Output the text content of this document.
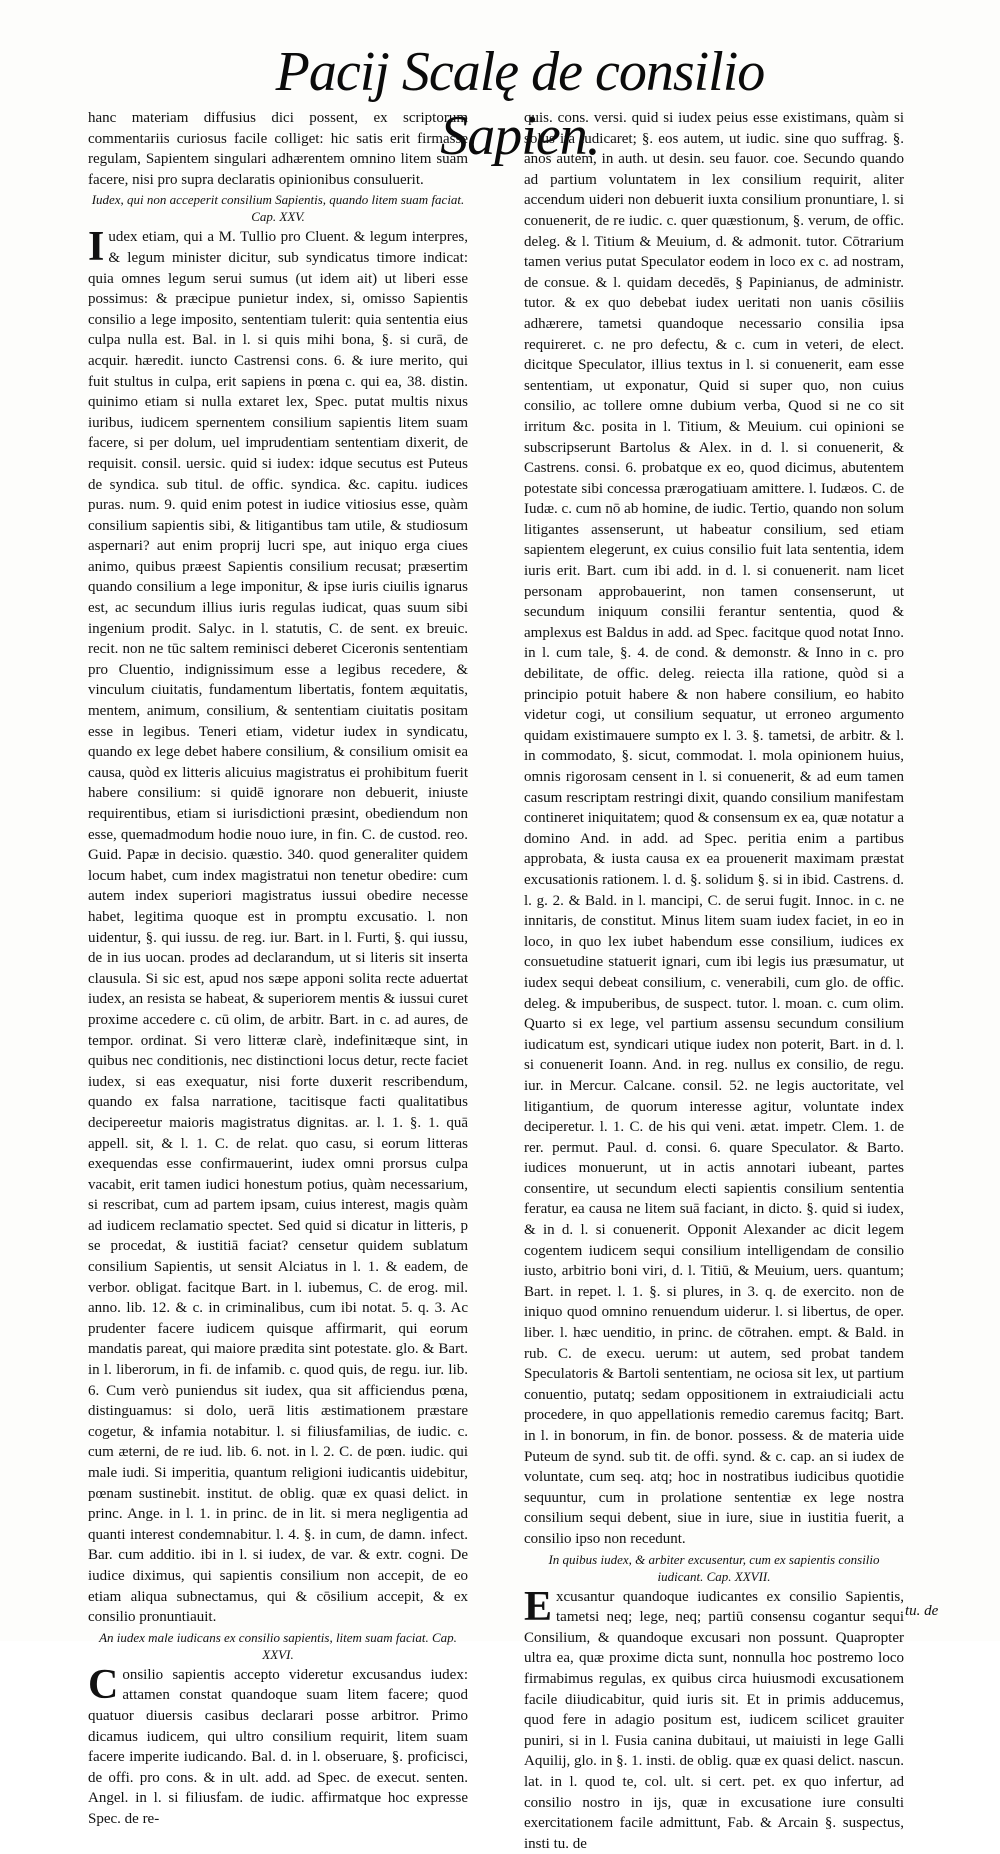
Pacij Scalę de consilio Sapien.

hanc materiam diffusius dici possent, ex scriptorum commentariis curiosus facile colliget: hic satis erit firmasse regulam, Sapientem singulari adhærentem omnino litem suam facere, nisi pro supra declaratis opinionibus consuluerit.

Iudex, qui non acceperit consilium Sapientis, quando litem suam faciat. Cap. XXV.

Iudex etiam, qui a M. Tullio pro Cluent. & legum interpres, & legum minister dicitur, sub syndicatus timore indicat: quia omnes legum serui sumus (ut idem ait) ut liberi esse possimus: & præcipue punietur index, si, omisso Sapientis consilio a lege imposito, sententiam tulerit: quia sententia eius culpa nulla est. Bal. in l. si quis mihi bona, §. si curā, de acquir. hæredit. iuncto Castrensi cons. 6. & iure merito, qui fuit stultus in culpa, erit sapiens in pœna c. qui ea, 38. distin. quinimo etiam si nulla extaret lex, Spec. putat multis nixus iuribus, iudicem spernentem consilium sapientis litem suam facere, si per dolum, uel imprudentiam sententiam dixerit, de requisit. consil. uersic. quid si iudex: idque secutus est Puteus de syndica. sub titul. de offic. syndica. &c. capitu. iudices puras. num. 9. quid enim potest in iudice vitiosius esse, quàm consilium sapientis sibi, & litigantibus tam utile, & studiosum aspernari? aut enim proprij lucri spe, aut iniquo erga ciues animo, quibus præest Sapientis consilium recusat; præsertim quando consilium a lege imponitur, & ipse iuris ciuilis ignarus est, ac secundum illius iuris regulas iudicat, quas suum sibi ingenium prodit. Salyc. in l. statutis, C. de sent. ex breuic. recit. non ne tūc saltem reminisci deberet Ciceronis sententiam pro Cluentio, indignissimum esse a legibus recedere, & vinculum ciuitatis, fundamentum libertatis, fontem æquitatis, mentem, animum, consilium, & sententiam ciuitatis positam esse in legibus. Teneri etiam, videtur iudex in syndicatu, quando ex lege debet habere consilium, & consilium omisit ea causa, quòd ex litteris alicuius magistratus ei prohibitum fuerit habere consilium: si quidē ignorare non debuerit, iniuste requirentibus, etiam si iurisdictioni præsint, obediendum non esse, quemadmodum hodie nouo iure, in fin. C. de custod. reo. Guid. Papæ in decisio. quæstio. 340. quod generaliter quidem locum habet, cum index magistratui non tenetur obedire: cum autem index superiori magistratus iussui obedire necesse habet, legitima quoque est in promptu excusatio. l. non uidentur, §. qui iussu. de reg. iur. Bart. in l. Furti, §. qui iussu, de in ius uocan. prodes ad declarandum, ut si literis sit inserta clausula. Si sic est, apud nos sæpe apponi solita recte aduertat iudex, an resista se habeat, & superiorem mentis & iussui curet proxime accedere c. cū olim, de arbitr. Bart. in c. ad aures, de tempor. ordinat. Si vero litteræ clarè, indefinitæque sint, in quibus nec conditionis, nec distinctioni locus detur, recte faciet iudex, si eas exequatur, nisi forte duxerit rescribendum, quando ex falsa narratione, tacitisque facti qualitatibus decipereetur maioris magistratus dignitas. ar. l. 1. §. 1. quā appell. sit, & l. 1. C. de relat. quo casu, si eorum litteras exequendas esse confirmauerint, iudex omni prorsus culpa vacabit, erit tamen iudici honestum potius, quàm necessarium, si rescribat, cum ad partem ipsam, cuius interest, magis quàm ad iudicem reclamatio spectet. Sed quid si dicatur in litteris, p se procedat, & iustitiā faciat? censetur quidem sublatum consilium Sapientis, ut sensit Alciatus in l. 1. & eadem, de verbor. obligat. facitque Bart. in l. iubemus, C. de erog. mil. anno. lib. 12. & c. in criminalibus, cum ibi notat. 5. q. 3. Ac prudenter facere iudicem quisque affirmarit, qui eorum mandatis pareat, qui maiore prædita sint potestate. glo. & Bart. in l. liberorum, in fi. de infamib. c. quod quis, de regu. iur. lib. 6. Cum verò puniendus sit iudex, qua sit afficiendus pœna, distinguamus: si dolo, uerā litis æstimationem præstare cogetur, & infamia notabitur. l. si filiusfamilias, de iudic. c. cum æterni, de re iud. lib. 6. not. in l. 2. C. de pœn. iudic. qui male iudi. Si imperitia, quantum religioni iudicantis uidebitur, pœnam sustinebit. institut. de oblig. quæ ex quasi delict. in princ. Ange. in l. 1. in princ. de in lit. si mera negligentia ad quanti interest condemnabitur. l. 4. §. in cum, de damn. infect. Bar. cum additio. ibi in l. si iudex, de var. & extr. cogni. De iudice diximus, qui sapientis consilium non accepit, de eo etiam aliqua subnectamus, qui & cōsilium accepit, & ex consilio pronuntiauit.

An iudex male iudicans ex consilio sapientis, litem suam faciat. Cap. XXVI.

Consilio sapientis accepto videretur excusandus iudex: attamen constat quandoque suam litem facere; quod quatuor diuersis casibus declarari posse arbitror. Primo dicamus iudicem, qui ultro consilium requirit, litem suam facere imperite iudicando. Bal. d. in l. obseruare, §. proficisci, de offi. pro cons. & in ult. add. ad Spec. de execut. senten. Angel. in l. si filiusfam. de iudic. affirmatque hoc expresse Spec. de re-

quis. cons. versi. quid si iudex peius esse existimans, quàm si solus ita iudicaret; §. eos autem, ut iudic. sine quo suffrag. §. anos autem, in auth. ut desin. seu fauor. coe. Secundo quando ad partium voluntatem in lex consilium requirit, aliter accendum uideri non debuerit iuxta consilium pronuntiare, l. si conuenerit, de re iudic. c. quer quæstionum, §. verum, de offic. deleg. & l. Titium & Meuium, d. & admonit. tutor. Cōtrarium tamen verius putat Speculator eodem in loco ex c. ad nostram, de consue. & l. quidam decedēs, § Papinianus, de administr. tutor. & ex quo debebat iudex ueritati non uanis cōsiliis adhærere, tametsi quandoque necessario consilia ipsa requireret. c. ne pro defectu, & c. cum in veteri, de elect. dicitque Speculator, illius textus in l. si conuenerit, eam esse sententiam, ut exponatur, Quid si super quo, non cuius consilio, ac tollere omne dubium verba, Quod si ne co sit irritum &c. posita in l. Titium, & Meuium. cui opinioni se subscripserunt Bartolus & Alex. in d. l. si conuenerit, & Castrens. consi. 6. probatque ex eo, quod dicimus, abutentem potestate sibi concessa prærogatiuam amittere. l. Iudæos. C. de Iudæ. c. cum nō ab homine, de iudic. Tertio, quando non solum litigantes assenserunt, ut habeatur consilium, sed etiam sapientem elegerunt, ex cuius consilio fuit lata sententia, idem iuris erit. Bart. cum ibi add. in d. l. si conuenerit. nam licet personam approbauerint, non tamen consenserunt, ut secundum iniquum consilii ferantur sententia, quod & amplexus est Baldus in add. ad Spec. facitque quod notat Inno. in l. cum tale, §. 4. de cond. & demonstr. & Inno in c. pro debilitate, de offic. deleg. reiecta illa ratione, quòd si a principio potuit habere & non habere consilium, eo habito videtur cogi, ut consilium sequatur, ut erroneo argumento quidam existimauere sumpto ex l. 3. §. tametsi, de arbitr. & l. in commodato, §. sicut, commodat. l. mola opinionem huius, omnis rigorosam censent in l. si conuenerit, & ad eum tamen casum rescriptam restringi dixit, quando consilium manifestam contineret iniquitatem; quod & consensum ex ea, quæ notatur a domino And. in add. ad Spec. peritia enim a partibus approbata, & iusta causa ex ea prouenerit maximam præstat excusationis rationem. l. d. §. solidum §. si in ibid. Castrens. d. l. g. 2. & Bald. in l. mancipi, C. de serui fugit. Innoc. in c. ne innitaris, de constitut. Minus litem suam iudex faciet, in eo in loco, in quo lex iubet habendum esse consilium, iudices ex consuetudine statuerit ignari, cum ibi legis ius præsumatur, ut iudex sequi debeat consilium, c. venerabili, cum glo. de offic. deleg. & impuberibus, de suspect. tutor. l. moan. c. cum olim. Quarto si ex lege, vel partium assensu secundum consilium iudicatum est, syndicari utique iudex non poterit, Bart. in d. l. si conuenerit Ioann. And. in reg. nullus ex consilio, de regu. iur. in Mercur. Calcane. consil. 52. ne legis auctoritate, vel litigantium, de quorum interesse agitur, voluntate index deciperetur. l. 1. C. de his qui veni. ætat. impetr. Clem. 1. de rer. permut. Paul. d. consi. 6. quare Speculator. & Barto. iudices monuerunt, ut in actis annotari iubeant, partes consentire, ut secundum electi sapientis consilium sententia feratur, ea causa ne litem suā faciant, in dicto. §. quid si iudex, & in d. l. si conuenerit. Opponit Alexander ac dicit legem cogentem iudicem sequi consilium intelligendam de consilio iusto, arbitrio boni viri, d. l. Titiū, & Meuium, uers. quantum; Bart. in repet. l. 1. §. si plures, in 3. q. de exercito. non de iniquo quod omnino renuendum uiderur. l. si libertus, de oper. liber. l. hæc uenditio, in princ. de cōtrahen. empt. & Bald. in rub. C. de execu. uerum: ut autem, sed probat tandem Speculatoris & Bartoli sententiam, ne ociosa sit lex, ut partium conuentio, putatq; sedam oppositionem in extraiudiciali actu procedere, in quo appellationis remedio caremus facitq; Bart. in l. in bonorum, in fin. de bonor. possess. & de materia uide Puteum de synd. sub tit. de offi. synd. & c. cap. an si iudex de voluntate, cum seq. atq; hoc in nostratibus iudicibus quotidie sequuntur, cum in prolatione sententiæ ex lege nostra consilium sequi debent, siue in iure, siue in iustitia fuerit, a consilio ipso non recedunt.

In quibus iudex, & arbiter excusentur, cum ex sapientis consilio iudicant. Cap. XXVII.

Excusantur quandoque iudicantes ex consilio Sapientis, tametsi neq; lege, neq; partiū consensu cogantur sequi Consilium, & quandoque excusari non possunt. Quapropter ultra ea, quæ proxime dicta sunt, nonnulla hoc postremo loco firmabimus regulas, ex quibus circa huiusmodi excusationem facile diiudicabitur, quid iuris sit. Et in primis adducemus, quod fere in adagio positum est, iudicem scilicet grauiter puniri, si in l. Fusia canina dubitaui, ut maiuisti in lege Galli Aquilij, glo. in §. 1. insti. de oblig. quæ ex quasi delict. nascun. lat. in l. quod te, col. ult. si cert. pet. ex quo infertur, ad consilio nostro in ijs, quæ in excusatione iure consulti exercitationem facile admittunt, Fab. & Arcain §. suspectus, insti tu. de

tu. de
